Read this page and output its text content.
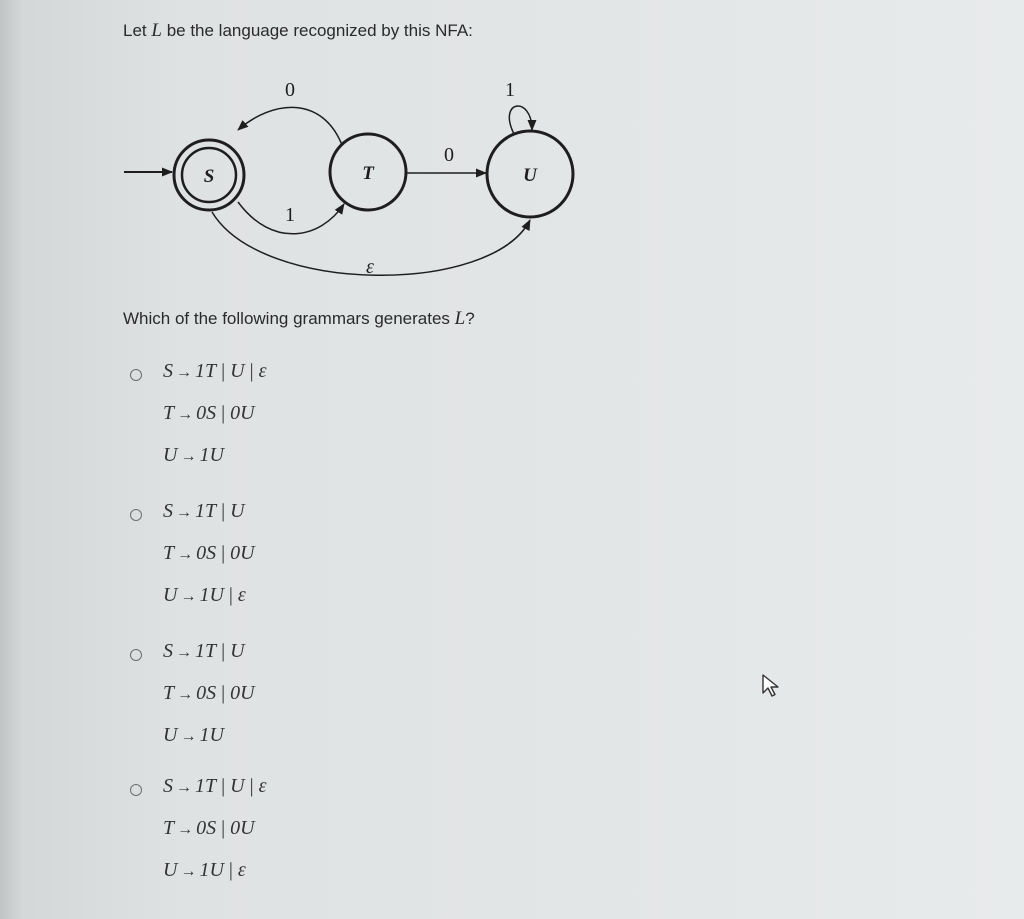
Let L be the language recognized by this NFA:
S	T	U
0
1
0
1
ε
Which of the following grammars generates L?
S → 1T | U | ε
T → 0S | 0U
U → 1U
S → 1T | U
T → 0S | 0U
U → 1U | ε
S → 1T | U
T → 0S | 0U
U → 1U
S → 1T | U | ε
T → 0S | 0U
U → 1U | ε
